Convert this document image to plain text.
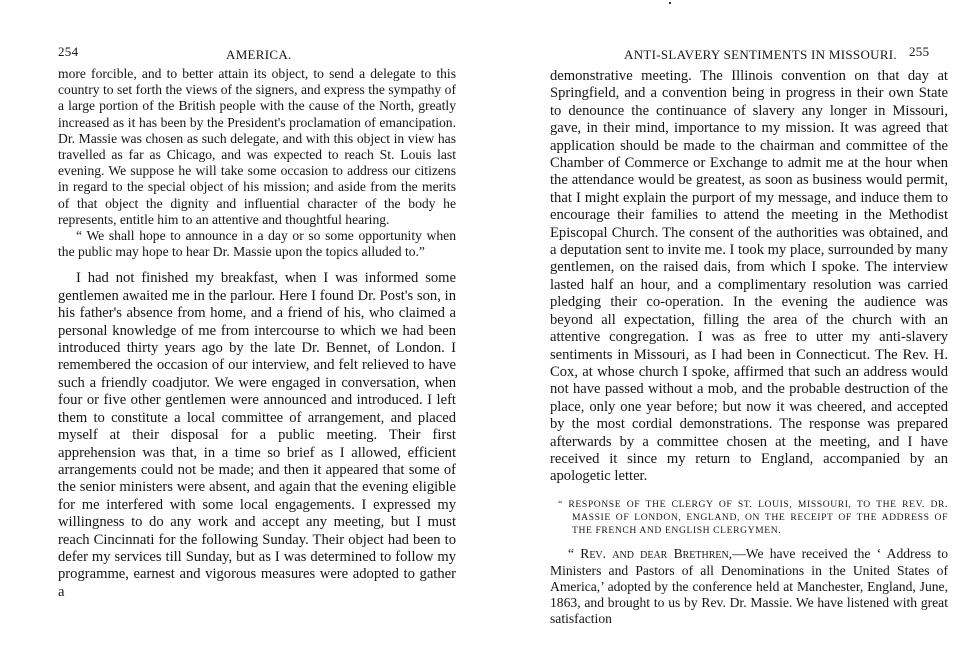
254	AMERICA.

more forcible, and to better attain its object, to send a delegate to this country to set forth the views of the signers, and express the sympathy of a large portion of the British people with the cause of the North, greatly increased as it has been by the President's proclamation of emancipation. Dr. Massie was chosen as such delegate, and with this object in view has travelled as far as Chicago, and was expected to reach St. Louis last evening. We suppose he will take some occasion to address our citizens in regard to the special object of his mission; and aside from the merits of that object the dignity and influential character of the body he represents, entitle him to an attentive and thoughtful hearing.

“ We shall hope to announce in a day or so some opportunity when the public may hope to hear Dr. Massie upon the topics alluded to.”

I had not finished my breakfast, when I was informed some gentlemen awaited me in the parlour. Here I found Dr. Post's son, in his father's absence from home, and a friend of his, who claimed a personal knowledge of me from intercourse to which we had been introduced thirty years ago by the late Dr. Bennet, of London. I remembered the occasion of our interview, and felt relieved to have such a friendly coadjutor. We were engaged in conversation, when four or five other gentlemen were announced and introduced. I left them to constitute a local committee of arrangement, and placed myself at their disposal for a public meeting. Their first apprehension was that, in a time so brief as I allowed, efficient arrangements could not be made; and then it appeared that some of the senior ministers were absent, and again that the evening eligible for me interfered with some local engagements. I expressed my willingness to do any work and accept any meeting, but I must reach Cincinnati for the following Sunday. Their object had been to defer my services till Sunday, but as I was determined to follow my programme, earnest and vigorous measures were adopted to gather a

ANTI-SLAVERY SENTIMENTS IN MISSOURI. 255

demonstrative meeting. The Illinois convention on that day at Springfield, and a convention being in progress in their own State to denounce the continuance of slavery any longer in Missouri, gave, in their mind, importance to my mission. It was agreed that application should be made to the chairman and committee of the Chamber of Commerce or Exchange to admit me at the hour when the attendance would be greatest, as soon as business would permit, that I might explain the purport of my message, and induce them to encourage their families to attend the meeting in the Methodist Episcopal Church. The consent of the authorities was obtained, and a deputation sent to invite me. I took my place, surrounded by many gentlemen, on the raised dais, from which I spoke. The interview lasted half an hour, and a complimentary resolution was carried pledging their co-operation. In the evening the audience was beyond all expectation, filling the area of the church with an attentive congregation. I was as free to utter my anti-slavery sentiments in Missouri, as I had been in Connecticut. The Rev. H. Cox, at whose church I spoke, affirmed that such an address would not have passed without a mob, and the probable destruction of the place, only one year before; but now it was cheered, and accepted by the most cordial demonstrations. The response was prepared afterwards by a committee chosen at the meeting, and I have received it since my return to England, accompanied by an apologetic letter.

“ RESPONSE OF THE CLERGY OF ST. LOUIS, MISSOURI, TO THE REV. DR. MASSIE OF LONDON, ENGLAND, ON THE RECEIPT OF THE ADDRESS OF THE FRENCH AND ENGLISH CLERGYMEN.

“ Rev. and dear Brethren,—We have received the ‘ Address to Ministers and Pastors of all Denominations in the United States of America,’ adopted by the conference held at Manchester, England, June, 1863, and brought to us by Rev. Dr. Massie. We have listened with great satisfaction
